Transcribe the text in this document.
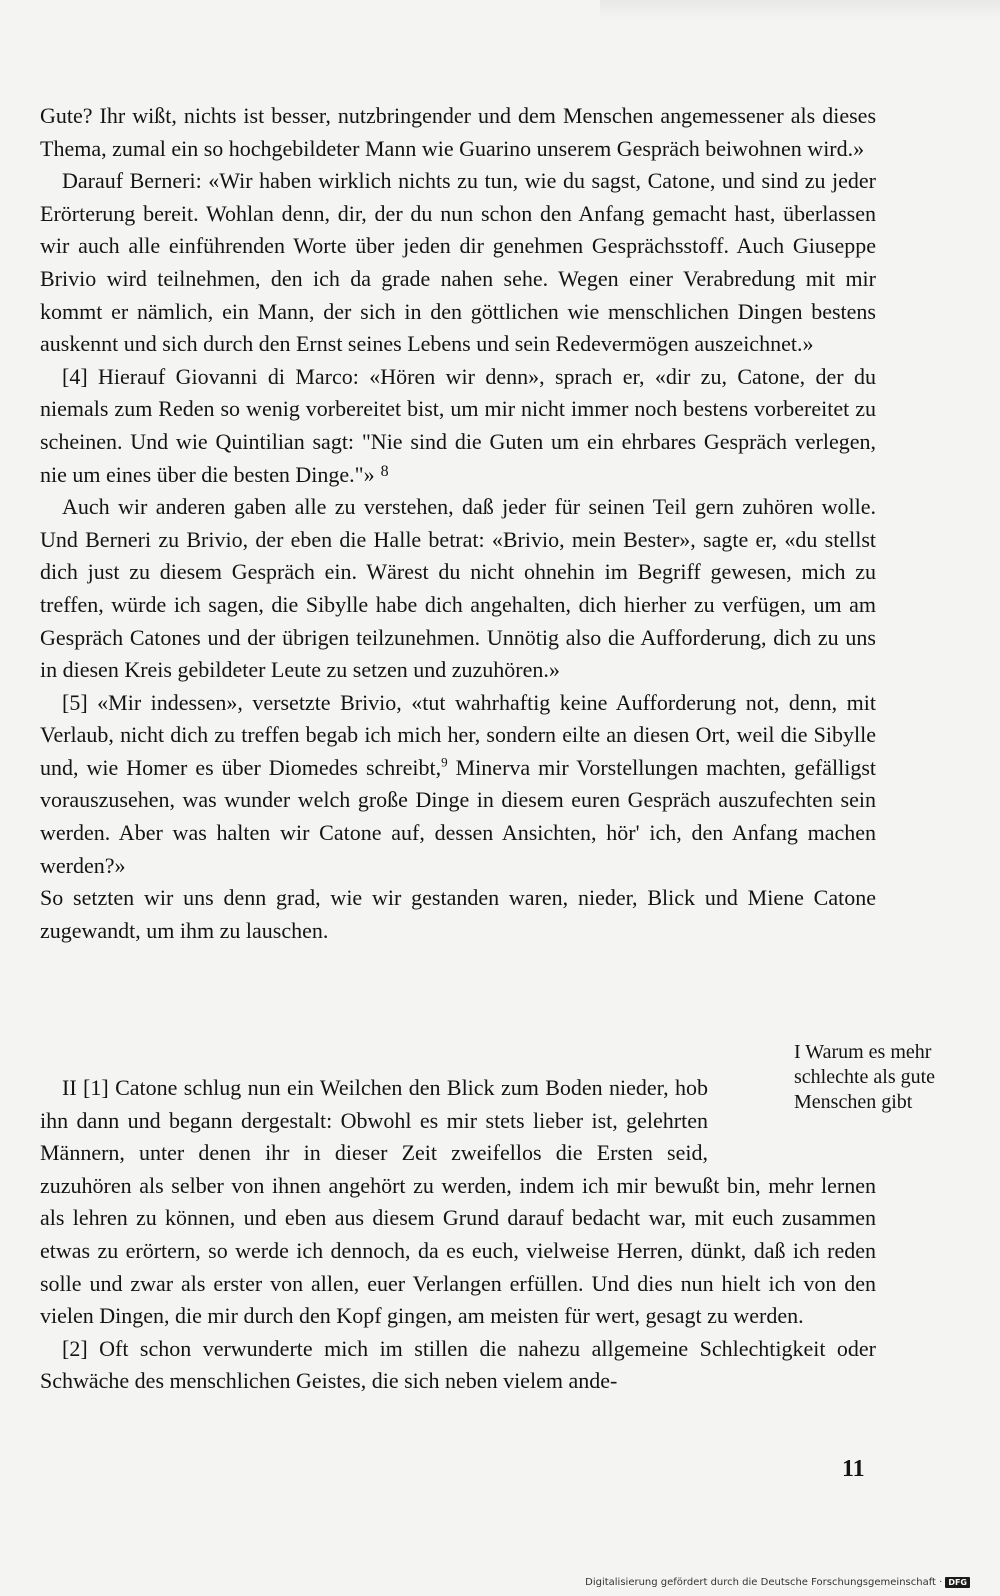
Gute? Ihr wißt, nichts ist besser, nutzbringender und dem Menschen angemessener als dieses Thema, zumal ein so hochgebildeter Mann wie Guarino unserem Gespräch beiwohnen wird.»

Darauf Berneri: «Wir haben wirklich nichts zu tun, wie du sagst, Catone, und sind zu jeder Erörterung bereit. Wohlan denn, dir, der du nun schon den Anfang gemacht hast, überlassen wir auch alle einführenden Worte über jeden dir genehmen Gesprächsstoff. Auch Giuseppe Brivio wird teilnehmen, den ich da grade nahen sehe. Wegen einer Verabredung mit mir kommt er nämlich, ein Mann, der sich in den göttlichen wie menschlichen Dingen bestens auskennt und sich durch den Ernst seines Lebens und sein Redevermögen auszeichnet.»

[4] Hierauf Giovanni di Marco: «Hören wir denn», sprach er, «dir zu, Catone, der du niemals zum Reden so wenig vorbereitet bist, um mir nicht immer noch bestens vorbereitet zu scheinen. Und wie Quintilian sagt: "Nie sind die Guten um ein ehrbares Gespräch verlegen, nie um eines über die besten Dinge."» $^8$

Auch wir anderen gaben alle zu verstehen, daß jeder für seinen Teil gern zuhören wolle. Und Berneri zu Brivio, der eben die Halle betrat: «Brivio, mein Bester», sagte er, «du stellst dich just zu diesem Gespräch ein. Wärest du nicht ohnehin im Begriff gewesen, mich zu treffen, würde ich sagen, die Sibylle habe dich angehalten, dich hierher zu verfügen, um am Gespräch Catones und der übrigen teilzunehmen. Unnötig also die Aufforderung, dich zu uns in diesen Kreis gebildeter Leute zu setzen und zuzuhören.»

[5] «Mir indessen», versetzte Brivio, «tut wahrhaftig keine Aufforderung not, denn, mit Verlaub, nicht dich zu treffen begab ich mich her, sondern eilte an diesen Ort, weil die Sibylle und, wie Homer es über Diomedes schreibt,$^9$ Minerva mir Vorstellungen machten, gefälligst vorauszusehen, was wunder welch große Dinge in diesem euren Gespräch auszufechten sein werden. Aber was halten wir Catone auf, dessen Ansichten, hör' ich, den Anfang machen werden?»

So setzten wir uns denn grad, wie wir gestanden waren, nieder, Blick und Miene Catone zugewandt, um ihm zu lauschen.

I Warum es mehr
schlechte als gute
Menschen gibt

II [1] Catone schlug nun ein Weilchen den Blick zum Boden nieder, hob ihn dann und begann dergestalt: Obwohl es mir stets lieber ist, gelehrten Männern, unter denen ihr in dieser Zeit zweifellos die Ersten seid, zuzuhören als selber von ihnen angehört zu werden, indem ich mir bewußt bin, mehr lernen als lehren zu können, und eben aus diesem Grund darauf bedacht war, mit euch zusammen etwas zu erörtern, so werde ich dennoch, da es euch, vielweise Herren, dünkt, daß ich reden solle und zwar als erster von allen, euer Verlangen erfüllen. Und dies nun hielt ich von den vielen Dingen, die mir durch den Kopf gingen, am meisten für wert, gesagt zu werden.

[2] Oft schon verwunderte mich im stillen die nahezu allgemeine Schlechtigkeit oder Schwäche des menschlichen Geistes, die sich neben vielem ande-

11
Digitalisierung gefördert durch die Deutsche Forschungsgemeinschaft · DFG
